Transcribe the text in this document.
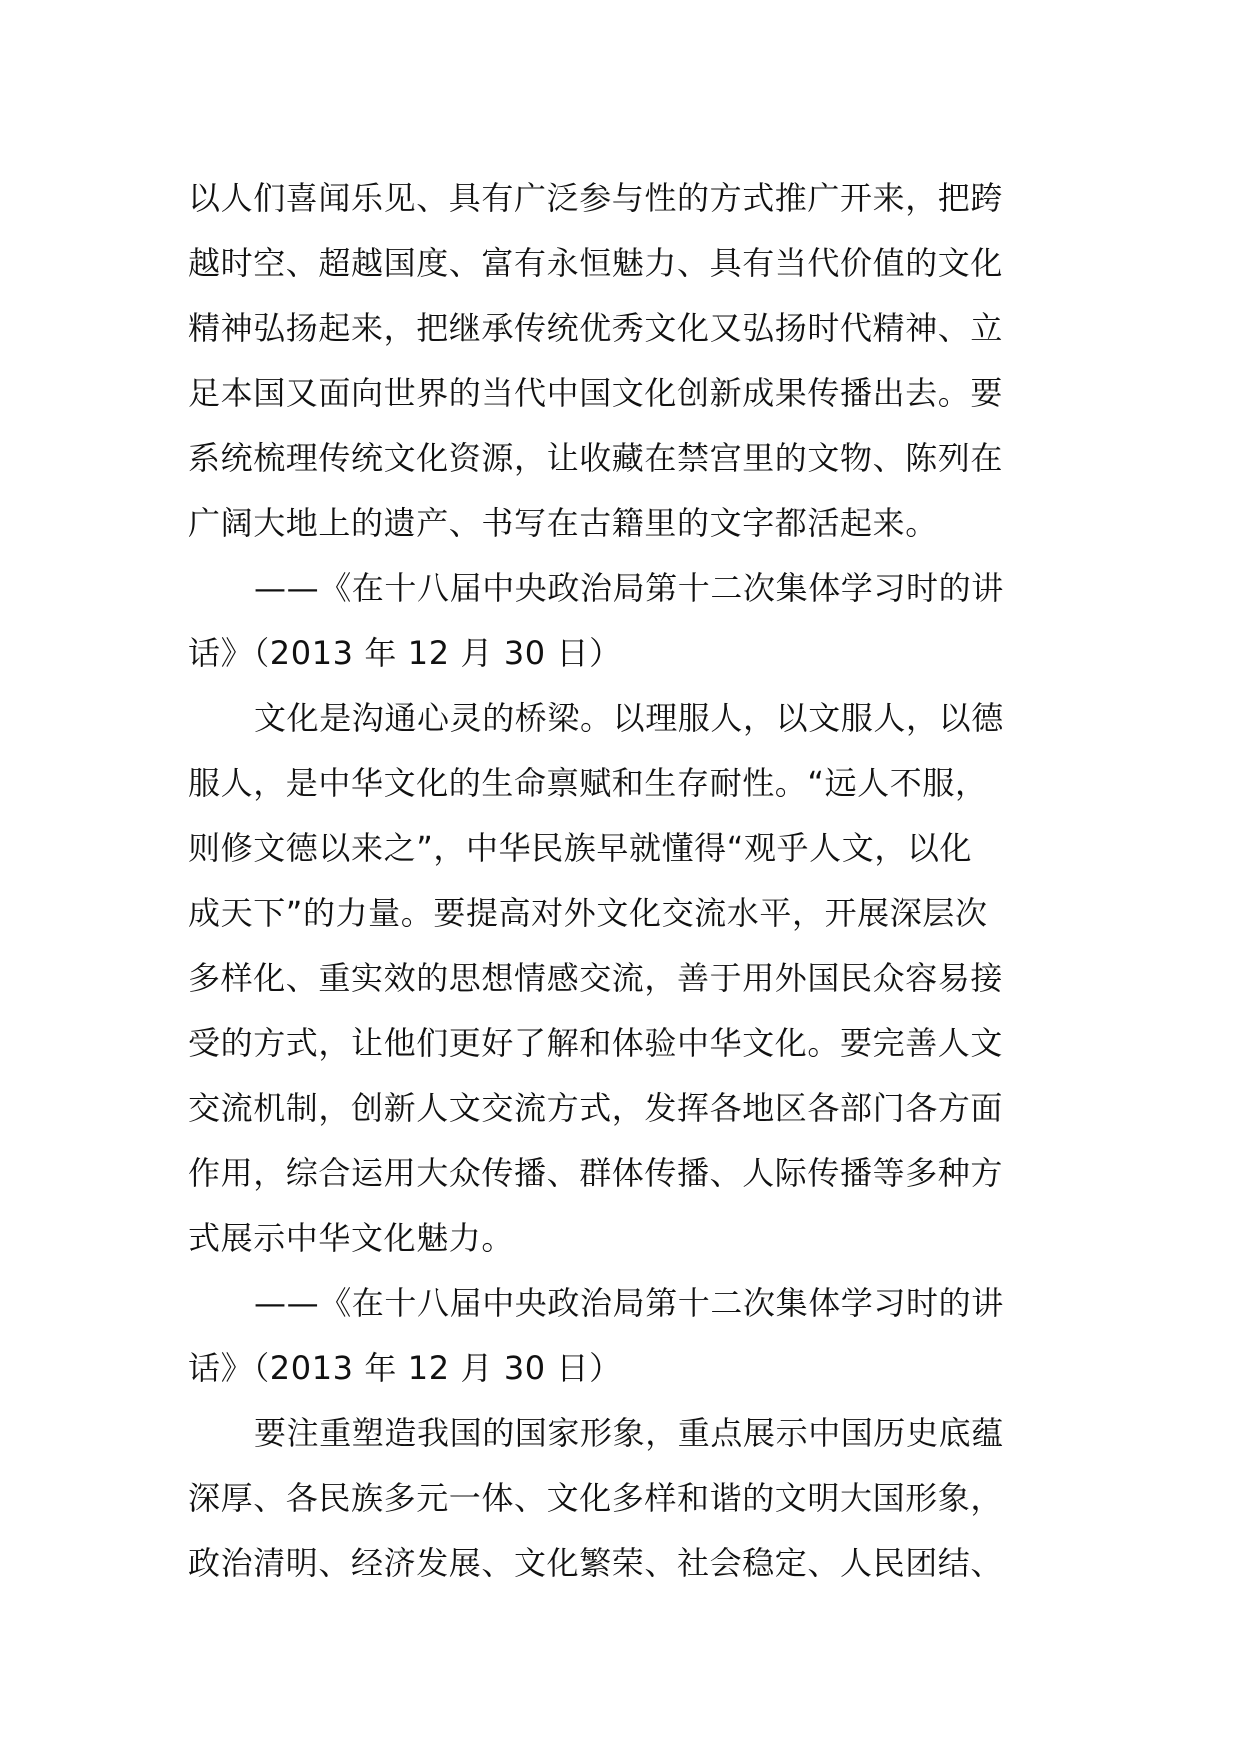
以人们喜闻乐见、具有广泛参与性的方式推广开来，把跨
越时空、超越国度、富有永恒魅力、具有当代价值的文化
精神弘扬起来，把继承传统优秀文化又弘扬时代精神、立
足本国又面向世界的当代中国文化创新成果传播出去。要
系统梳理传统文化资源，让收藏在禁宫里的文物、陈列在
广阔大地上的遗产、书写在古籍里的文字都活起来。

——《在十八届中央政治局第十二次集体学习时的讲
话》（2013 年 12 月 30 日）

文化是沟通心灵的桥梁。以理服人，以文服人，以德
服人，是中华文化的生命禀赋和生存耐性。“远人不服，
则修文德以来之”，中华民族早就懂得“观乎人文，以化
成天下”的力量。要提高对外文化交流水平，开展深层次
多样化、重实效的思想情感交流，善于用外国民众容易接
受的方式，让他们更好了解和体验中华文化。要完善人文
交流机制，创新人文交流方式，发挥各地区各部门各方面
作用，综合运用大众传播、群体传播、人际传播等多种方
式展示中华文化魅力。

——《在十八届中央政治局第十二次集体学习时的讲
话》（2013 年 12 月 30 日）

要注重塑造我国的国家形象，重点展示中国历史底蕴
深厚、各民族多元一体、文化多样和谐的文明大国形象，
政治清明、经济发展、文化繁荣、社会稳定、人民团结、
